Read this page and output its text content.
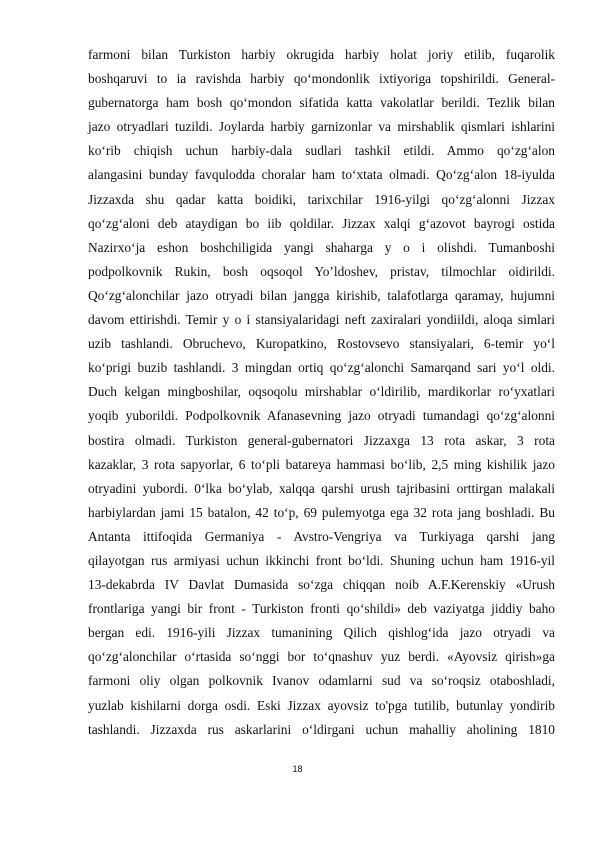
farmoni bilan Turkiston harbiy okrugida harbiy holat joriy etilib, fuqarolik
boshqaruvi to ia ravishda harbiy qo‘mondonlik ixtiyoriga topshirildi. General-
gubernatorga ham bosh qo‘mondon sifatida katta vakolatlar berildi. Tezlik bilan
jazo otryadlari tuzildi. Joylarda harbiy garnizonlar va mirshablik qismlari ishlarini
ko‘rib chiqish uchun harbiy-dala sudlari tashkil etildi. Ammo qo‘zg‘alon
alangasini bunday favqulodda choralar ham to‘xtata olmadi. Qo‘zg‘alon 18-iyulda
Jizzaxda shu qadar katta boidiki, tarixchilar 1916-yilgi qo‘zg‘alonni Jizzax
qo‘zg‘aloni deb ataydigan bo iib qoldilar. Jizzax xalqi g‘azovot bayrogi ostida
Nazirxo‘ja eshon boshchiligida yangi shaharga y o i olishdi. Tumanboshi
podpolkovnik Rukin, bosh oqsoqol Yo’ldoshev, pristav, tilmochlar oidirildi.
Qo‘zg‘alonchilar jazo otryadi bilan jangga kirishib, talafotlarga qaramay, hujumni
davom ettirishdi. Temir y o i stansiyalaridagi neft zaxiralari yondiildi, aloqa simlari
uzib tashlandi. Obruchevo, Kuropatkino, Rostovsevo stansiyalari, 6-temir yo‘l
ko‘prigi buzib tashlandi. 3 mingdan ortiq qo‘zg‘alonchi Samarqand sari yo‘l oldi.
Duch kelgan mingboshilar, oqsoqolu mirshablar o‘ldirilib, mardikorlar ro‘yxatlari
yoqib yuborildi. Podpolkovnik Afanasevning jazo otryadi tumandagi qo‘zg‘alonni
bostira olmadi. Turkiston general-gubernatori Jizzaxga 13 rota askar, 3 rota
kazaklar, 3 rota sapyorlar, 6 to‘pli batareya hammasi bo‘lib, 2,5 ming kishilik jazo
otryadini yubordi. 0‘lka bo‘ylab, xalqqa qarshi urush tajribasini orttirgan malakali
harbiylardan jami 15 batalon, 42 to‘p, 69 pulemyotga ega 32 rota jang boshladi. Bu
Antanta ittifoqida Germaniya - Avstro-Vengriya va Turkiyaga qarshi jang
qilayotgan rus armiyasi uchun ikkinchi front bo‘ldi. Shuning uchun ham 1916-yil
13-dekabrda IV Davlat Dumasida so‘zga chiqqan noib A.F.Kerenskiy «Urush
frontlariga yangi bir front - Turkiston fronti qo‘shildi» deb vaziyatga jiddiy baho
bergan edi. 1916-yili Jizzax tumanining Qilich qishlog‘ida jazo otryadi va
qo‘zg‘alonchilar o‘rtasida so‘nggi bor to‘qnashuv yuz berdi. «Ayovsiz qirish»ga
farmoni oliy olgan polkovnik Ivanov odamlarni sud va so‘roqsiz otaboshladi,
yuzlab kishilarni dorga osdi. Eski Jizzax ayovsiz to'pga tutilib, butunlay yondirib
tashlandi. Jizzaxda rus askarlarini o‘ldirgani uchun mahalliy aholining 1810
18
